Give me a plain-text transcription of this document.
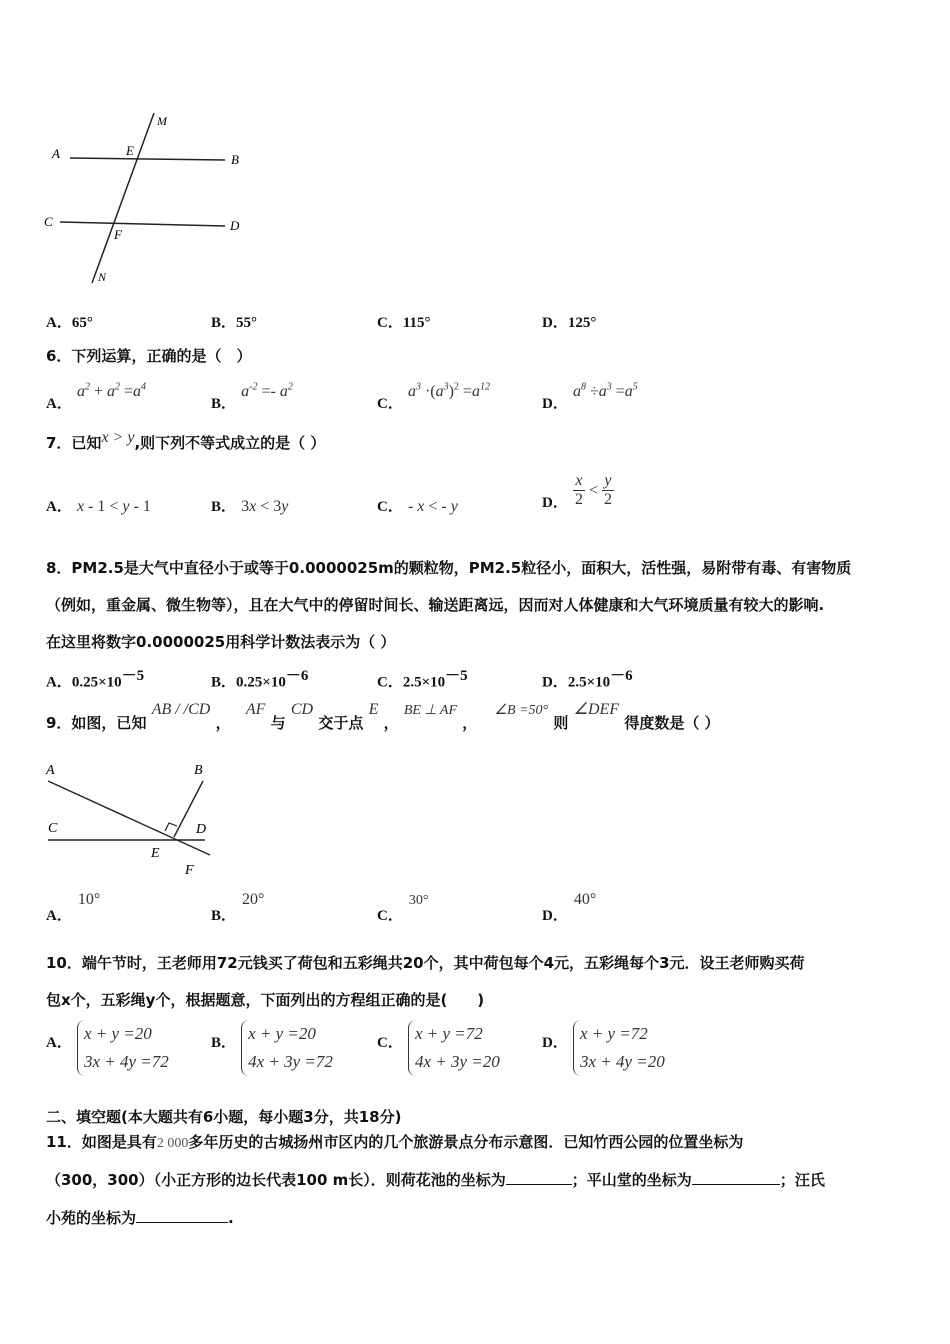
A	B
C	D
E
F
M
N
A．65°	B．55°	C．115°	D．125°
6．下列运算，正确的是（　）
A． $a^2 + a^2 =a^4$
B． $a^{-2} =- a^2$
C． $a^3 \cdot(a^3)^2 =a^{12}$
D． $a^8 \div a^3 =a^5$
7．已知x > y,则下列不等式成立的是（ ）
A． x - 1 < y - 1	B． 3x < 3y	C． - x < - y	D． $\frac{x}{2} < \frac{y}{2}$
8．PM2.5是大气中直径小于或等于0.0000025m的颗粒物，PM2.5粒径小，面积大，活性强，易附带有毒、有害物质
（例如，重金属、微生物等），且在大气中的停留时间长、输送距离远，因而对人体健康和大气环境质量有较大的影响.
在这里将数字0.0000025用科学计数法表示为（ ）
A．$0.25\times 10^{-5}$	B．$0.25\times 10^{-6}$	C．$2.5\times 10^{-5}$	D．$2.5\times 10^{-6}$
9．如图，已知 AB / /CD ， AF 与 CD 交于点 E ， BE ⊥ AF ， ∠B =50° 则 ∠DEF 得度数是（ ）
A	B
C	D
E
F
A．10°
B．20°
C．30°
D．40°
10．端午节时，王老师用72元钱买了荷包和五彩绳共20个，其中荷包每个4元，五彩绳每个3元．设王老师购买荷
包x个，五彩绳y个，根据题意，下面列出的方程组正确的是(　　)
A． x + y =20
3x + 4y =72
B． x + y =20
4x + 3y =72
C． x + y =72
4x + 3y =20
D． x + y =72
3x + 4y =20
二、填空题(本大题共有6小题，每小题3分，共18分)
11．如图是具有2 000多年历史的古城扬州市区内的几个旅游景点分布示意图．已知竹西公园的位置坐标为
（300，300）（小正方形的边长代表100 m长）．则荷花池的坐标为	；平山堂的坐标为	；汪氏
小苑的坐标为	.
